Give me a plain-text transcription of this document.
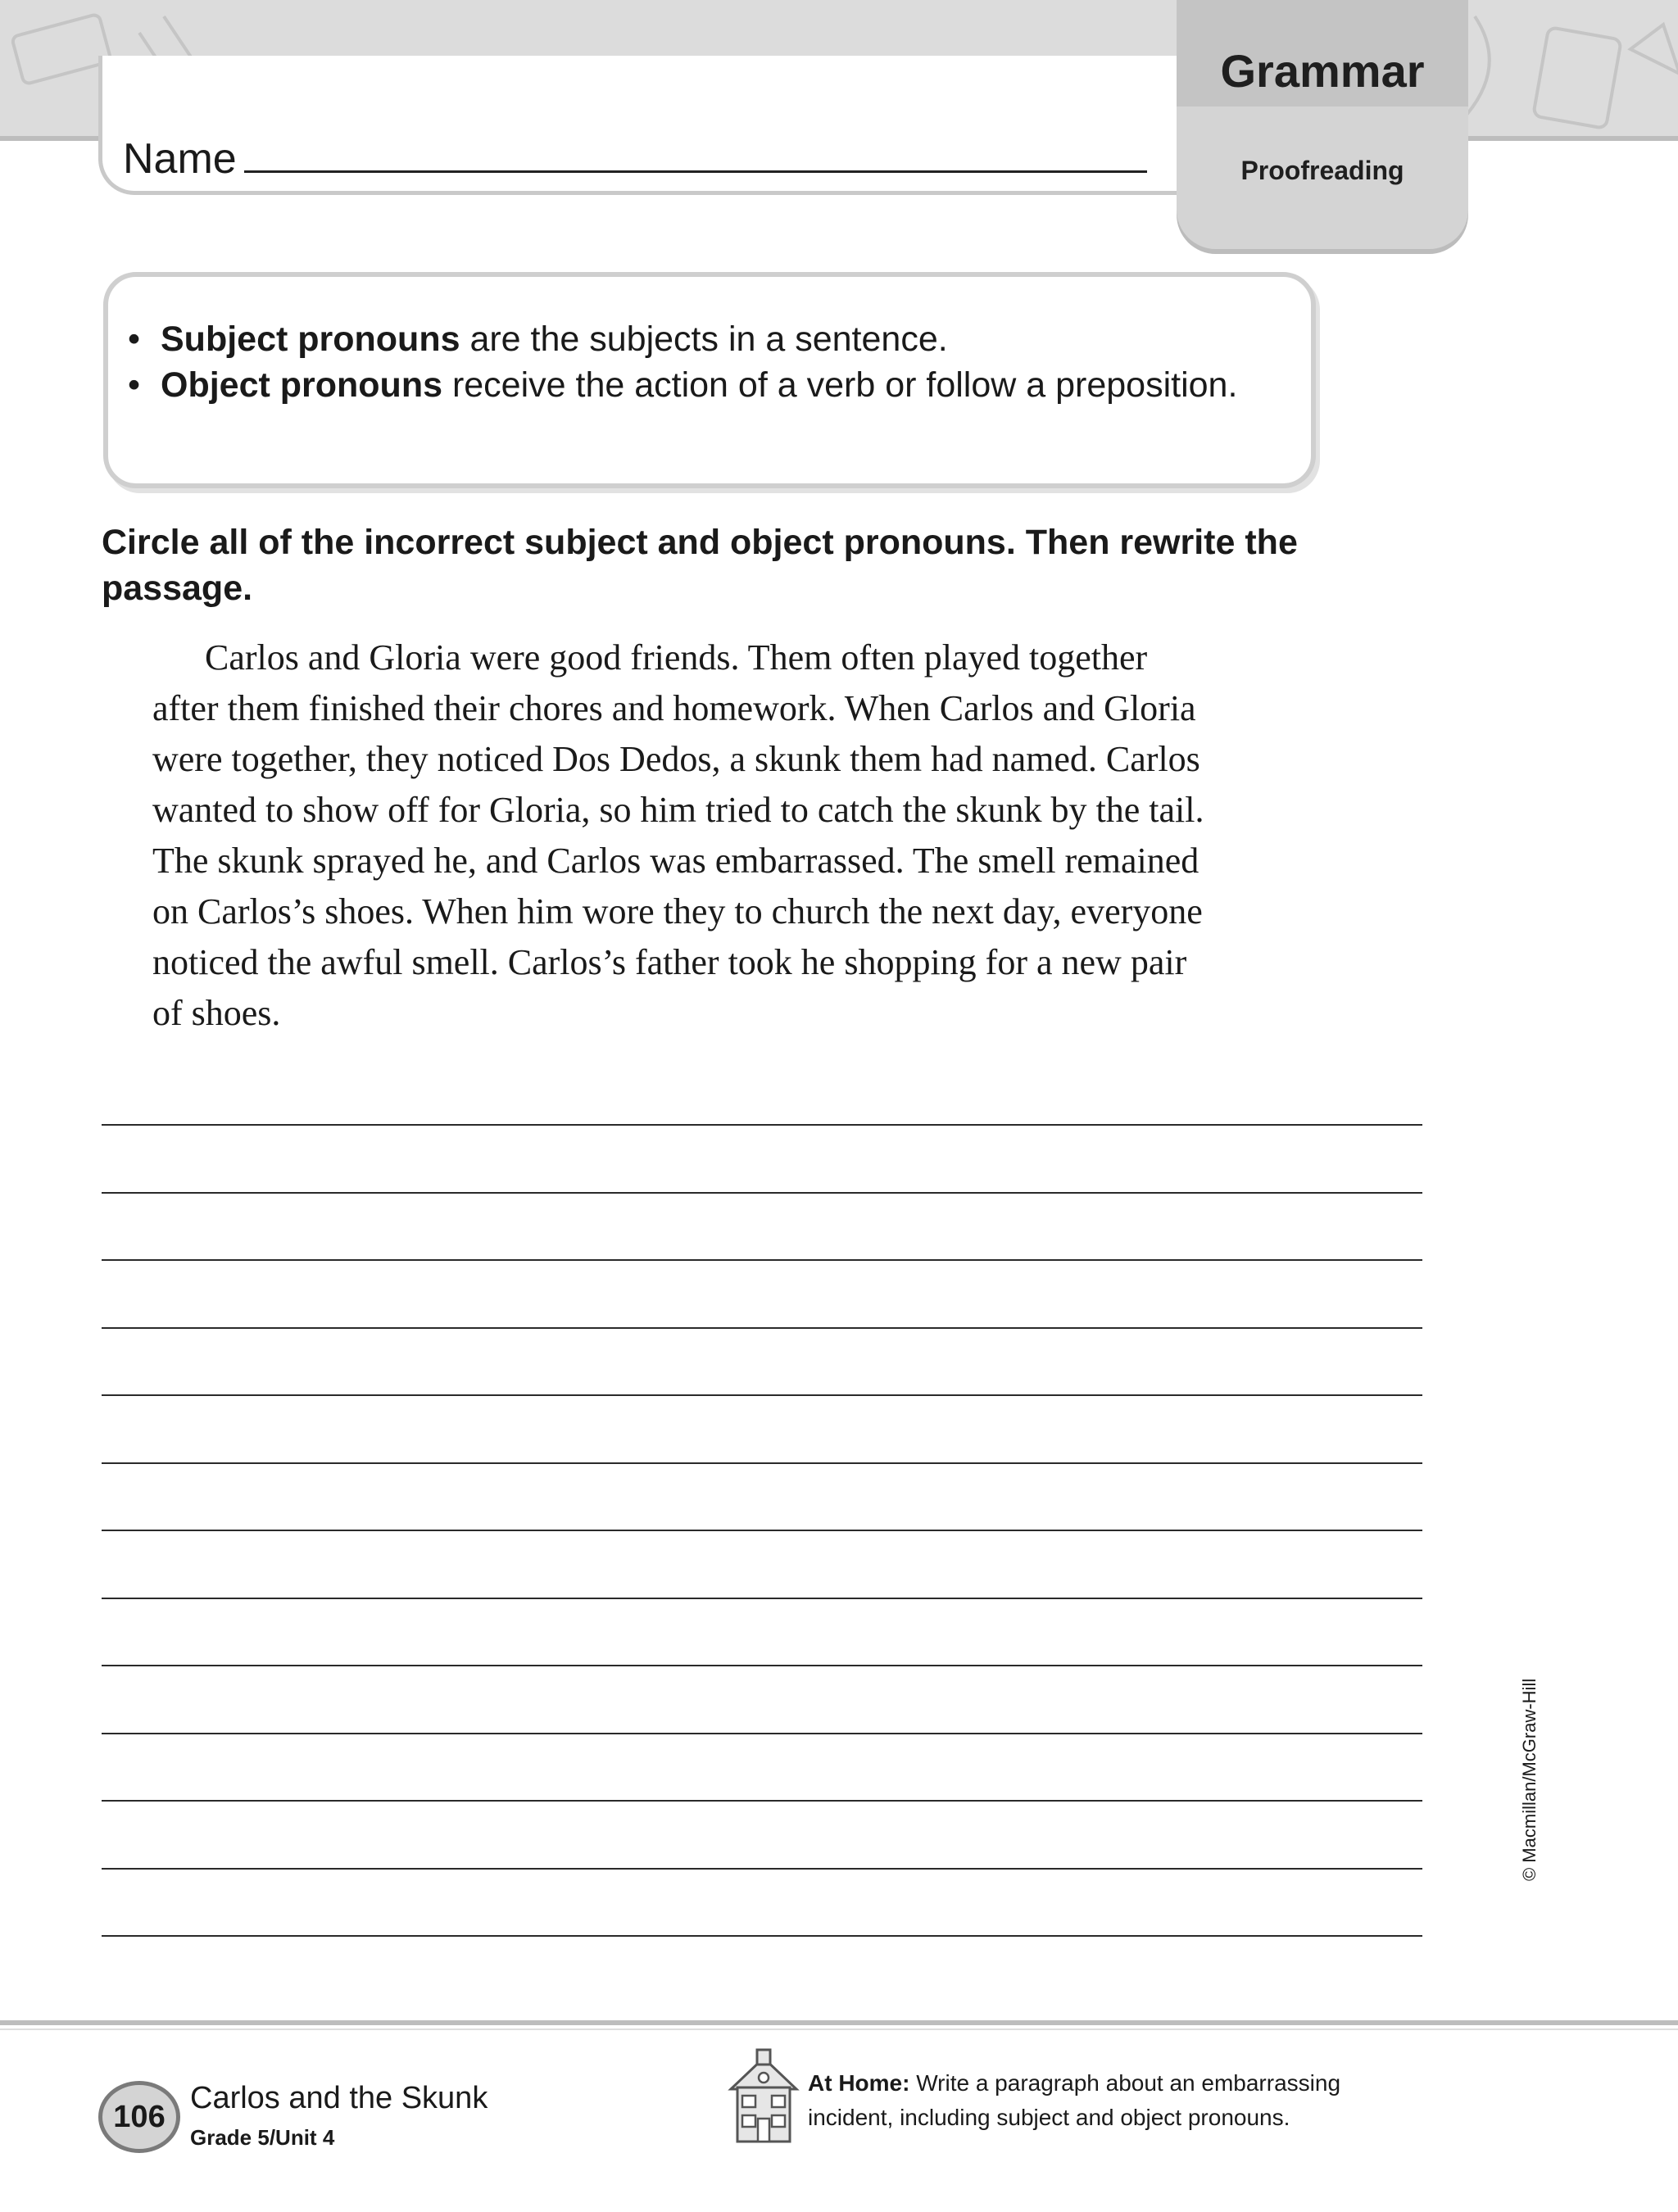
Name
Grammar
Proofreading
• Subject pronouns are the subjects in a sentence.
• Object pronouns receive the action of a verb or follow a preposition.
Circle all of the incorrect subject and object pronouns. Then rewrite the passage.
Carlos and Gloria were good friends. Them often played together
after them finished their chores and homework. When Carlos and Gloria
were together, they noticed Dos Dedos, a skunk them had named. Carlos
wanted to show off for Gloria, so him tried to catch the skunk by the tail.
The skunk sprayed he, and Carlos was embarrassed. The smell remained
on Carlos’s shoes. When him wore they to church the next day, everyone
noticed the awful smell. Carlos’s father took he shopping for a new pair
of shoes.
© Macmillan/McGraw-Hill
106
Carlos and the Skunk
Grade 5/Unit 4
At Home: Write a paragraph about an embarrassing incident, including subject and object pronouns.
